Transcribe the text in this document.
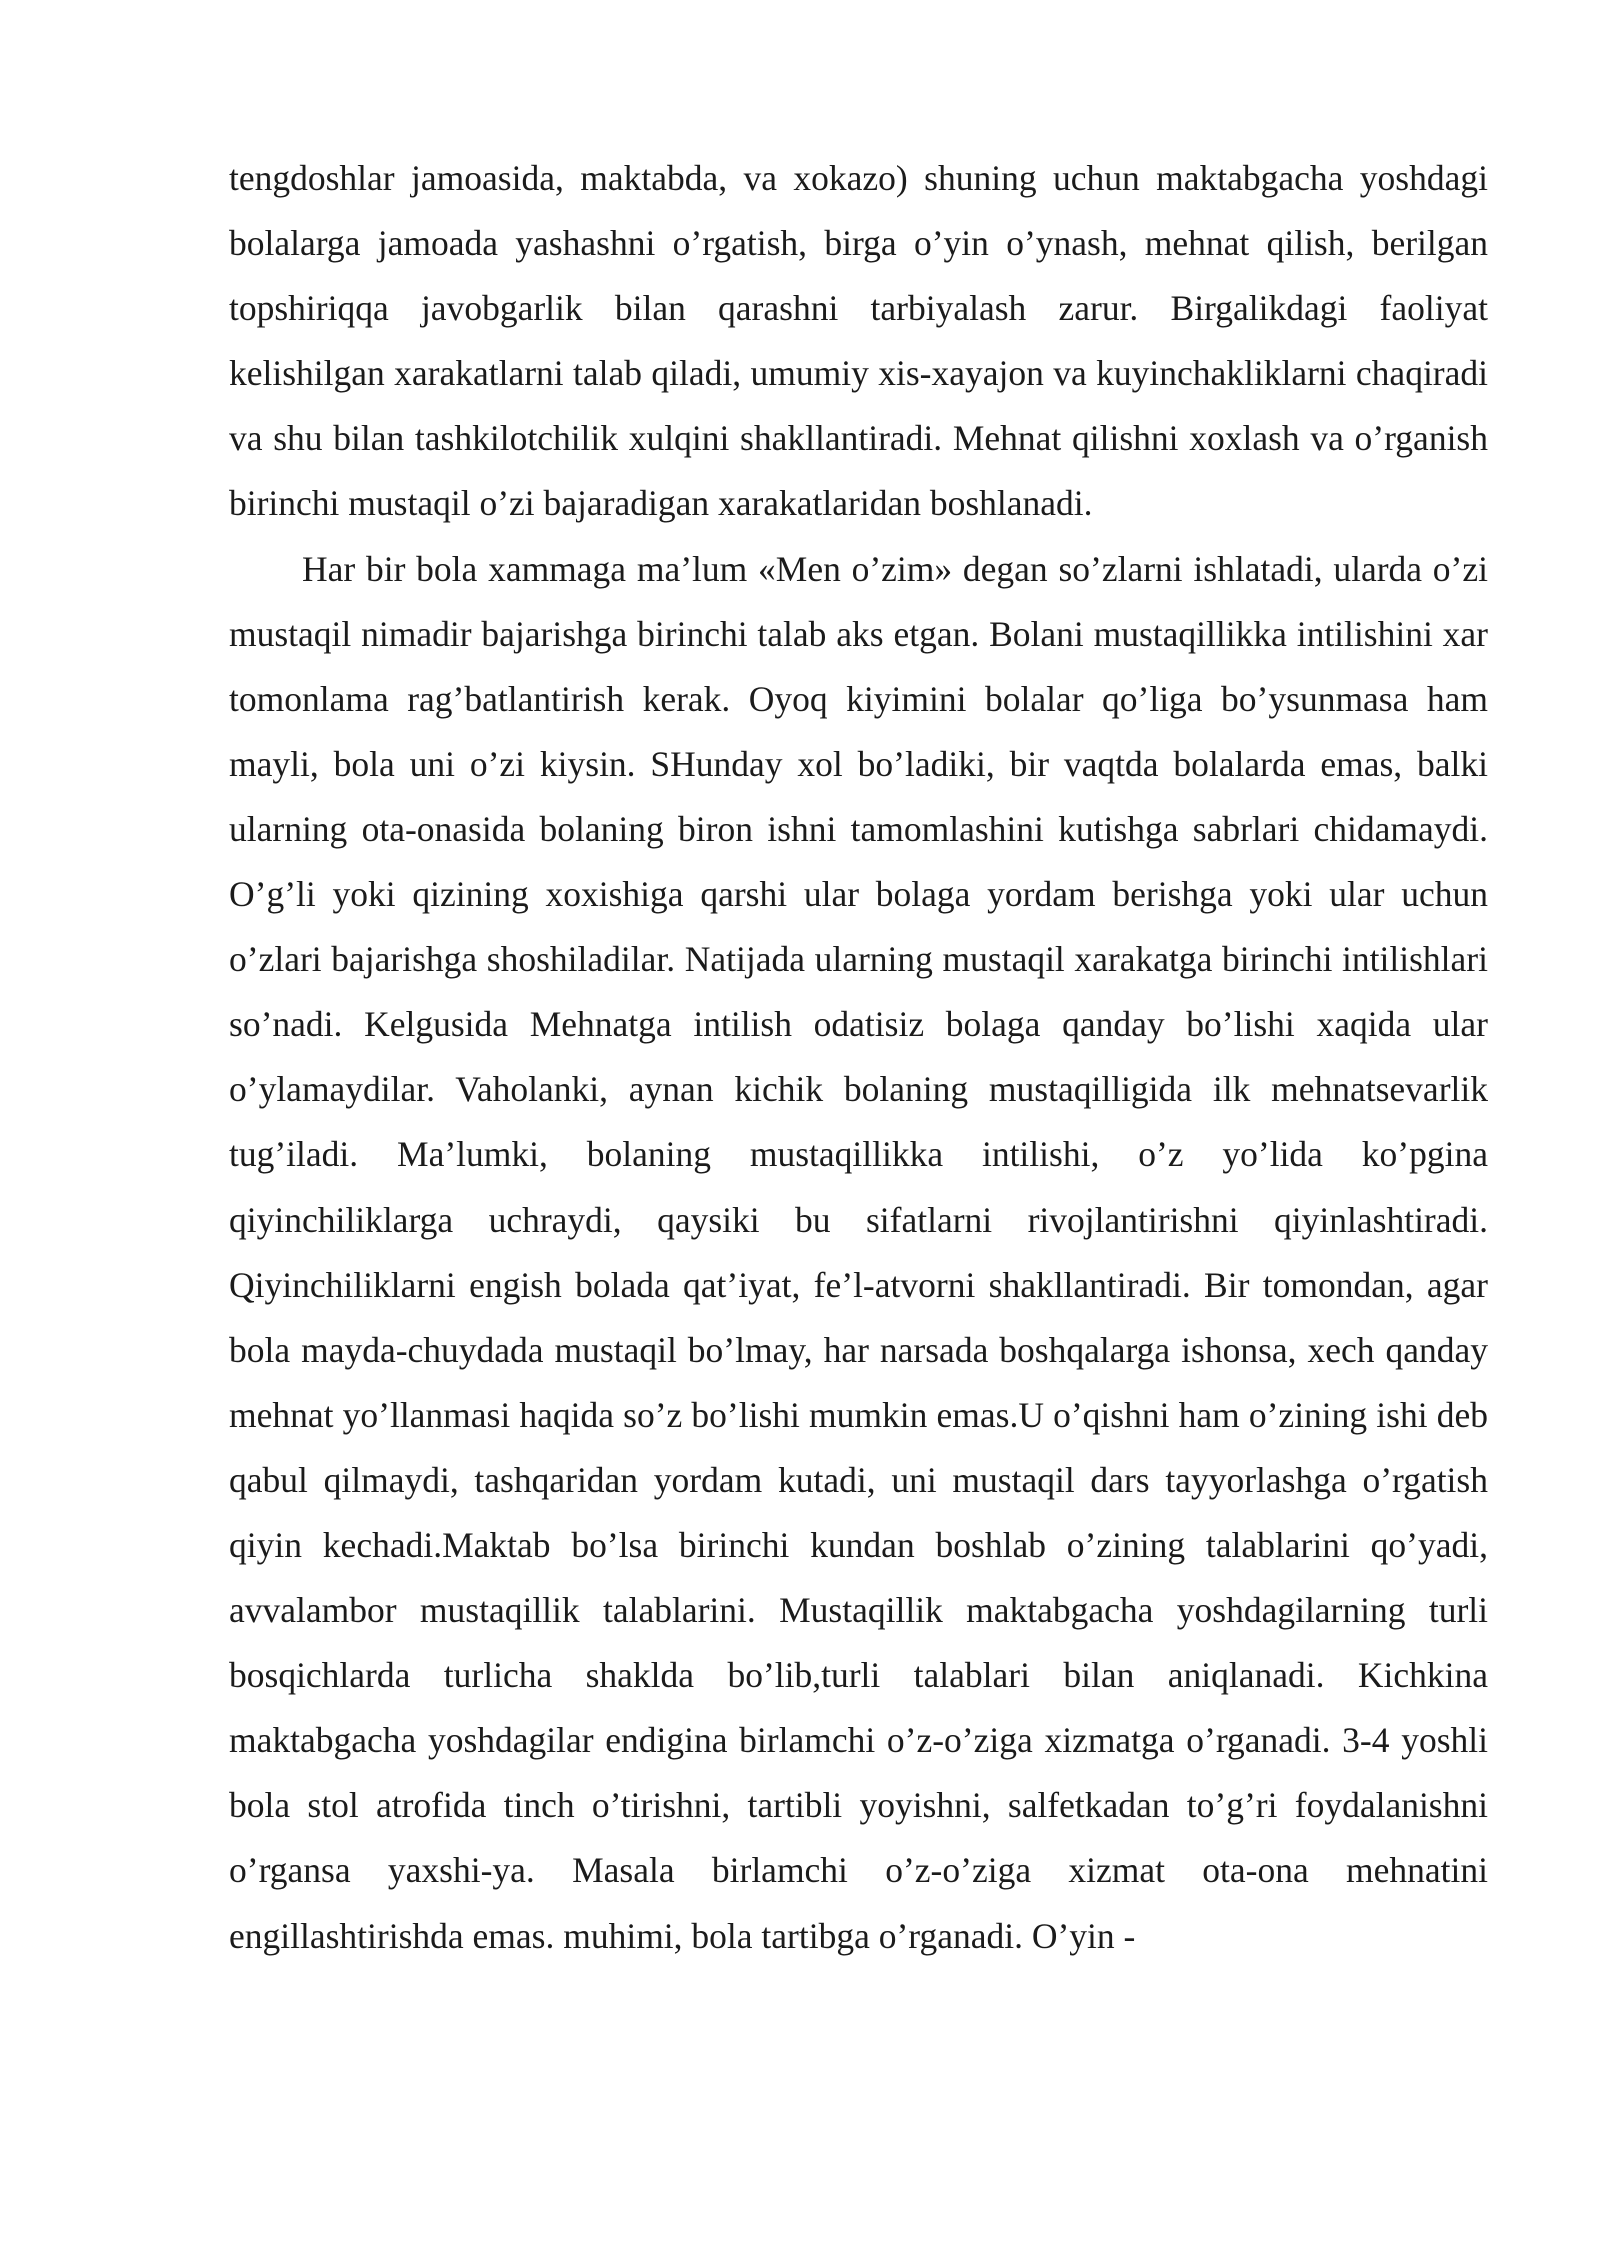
tengdoshlar jamoasida, maktabda, va xokazo) shuning uchun maktabgacha yoshdagi bolalarga jamoada yashashni o’rgatish, birga o’yin o’ynash, mehnat qilish, berilgan topshiriqqa javobgarlik bilan qarashni tarbiyalash zarur. Birgalikdagi faoliyat kelishilgan xarakatlarni talab qiladi, umumiy xis-xayajon va kuyinchakliklarni chaqiradi va shu bilan tashkilotchilik xulqini shakllantiradi. Mehnat qilishni xoxlash va o’rganish birinchi mustaqil o’zi bajaradigan xarakatlaridan boshlanadi.

Har bir bola xammaga ma’lum «Men o’zim» degan so’zlarni ishlatadi, ularda o’zi mustaqil nimadir bajarishga birinchi talab aks etgan. Bolani mustaqillikka intilishini xar tomonlama rag’batlantirish kerak. Oyoq kiyimini bolalar qo’liga bo’ysunmasa ham mayli, bola uni o’zi kiysin. SHunday xol bo’ladiki, bir vaqtda bolalarda emas, balki ularning ota-onasida bolaning biron ishni tamomlashini kutishga sabrlari chidamaydi. O’g’li yoki qizining xoxishiga qarshi ular bolaga yordam berishga yoki ular uchun o’zlari bajarishga shoshiladilar. Natijada ularning mustaqil xarakatga birinchi intilishlari so’nadi. Kelgusida Mehnatga intilish odatisiz bolaga qanday bo’lishi xaqida ular o’ylamaydilar. Vaholanki, aynan kichik bolaning mustaqilligida ilk mehnatsevarlik tug’iladi. Ma’lumki, bolaning mustaqillikka intilishi, o’z yo’lida ko’pgina qiyinchiliklarga uchraydi, qaysiki bu sifatlarni rivojlantirishni qiyinlashtiradi. Qiyinchiliklarni engish bolada qat’iyat, fe’l-atvorni shakllantiradi. Bir tomondan, agar bola mayda-chuydada mustaqil bo’lmay, har narsada boshqalarga ishonsa, xech qanday mehnat yo’llanmasi haqida so’z bo’lishi mumkin emas.U o’qishni ham o’zining ishi deb qabul qilmaydi, tashqaridan yordam kutadi, uni mustaqil dars tayyorlashga o’rgatish qiyin kechadi.Maktab bo’lsa birinchi kundan boshlab o’zining talablarini qo’yadi, avvalambor mustaqillik talablarini. Mustaqillik maktabgacha yoshdagilarning turli bosqichlarda turlicha shaklda bo’lib,turli talablari bilan aniqlanadi. Kichkina maktabgacha yoshdagilar endigina birlamchi o’z-o’ziga xizmatga o’rganadi. 3-4 yoshli bola stol atrofida tinch o’tirishni, tartibli yoyishni, salfetkadan to’g’ri foydalanishni o’rgansa yaxshi-ya. Masala birlamchi o’z-o’ziga xizmat ota-ona mehnatini engillashtirishda emas. muhimi, bola tartibga o’rganadi. O’yin -
